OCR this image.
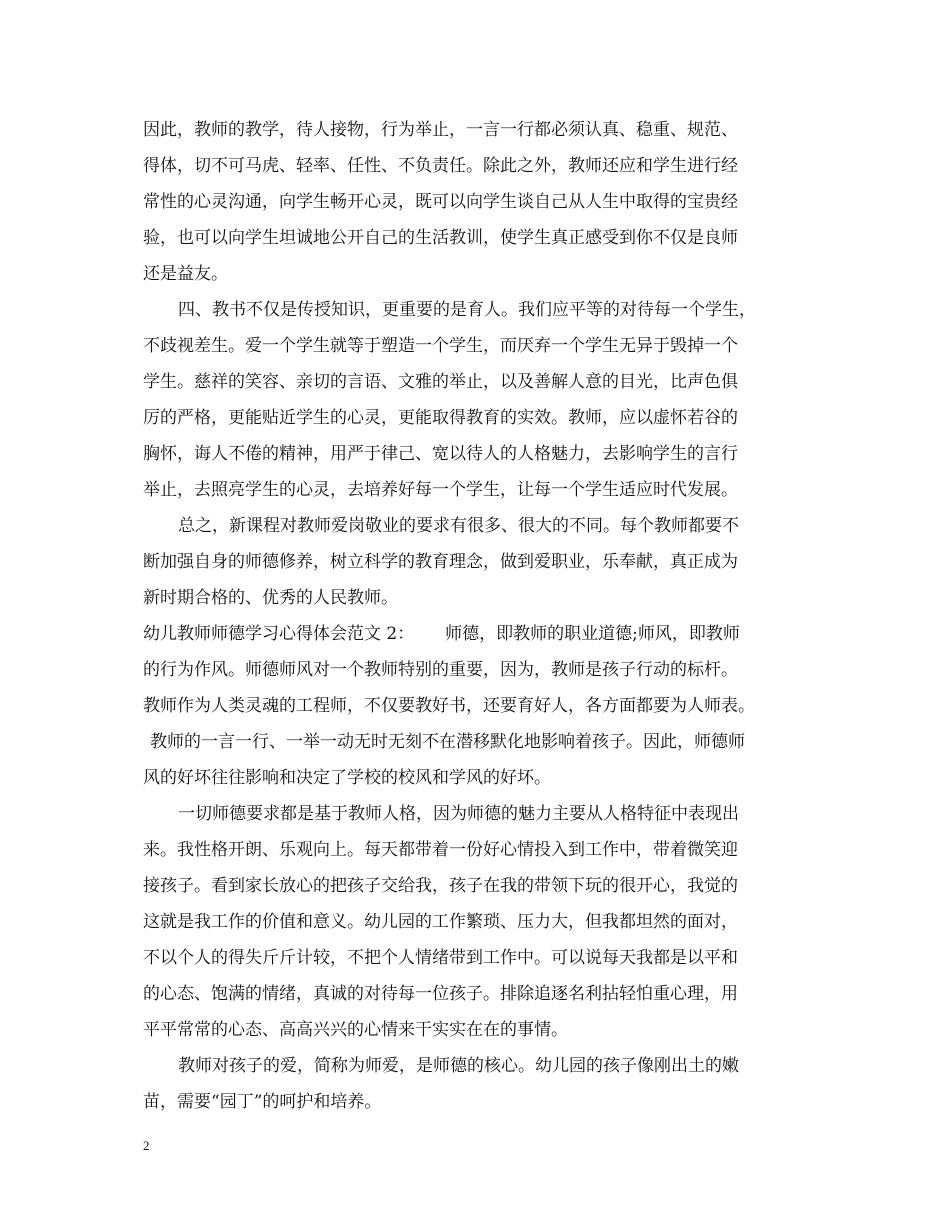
因此，教师的教学，待人接物，行为举止，一言一行都必须认真、稳重、规范、
得体，切不可马虎、轻率、任性、不负责任。除此之外，教师还应和学生进行经
常性的心灵沟通，向学生畅开心灵，既可以向学生谈自己从人生中取得的宝贵经
验，也可以向学生坦诚地公开自己的生活教训，使学生真正感受到你不仅是良师
还是益友。
四、教书不仅是传授知识，更重要的是育人。我们应平等的对待每一个学生，
不歧视差生。爱一个学生就等于塑造一个学生，而厌弃一个学生无异于毁掉一个
学生。慈祥的笑容、亲切的言语、文雅的举止，以及善解人意的目光，比声色俱
厉的严格，更能贴近学生的心灵，更能取得教育的实效。教师，应以虚怀若谷的
胸怀，诲人不倦的精神，用严于律己、宽以待人的人格魅力，去影响学生的言行
举止，去照亮学生的心灵，去培养好每一个学生，让每一个学生适应时代发展。
总之，新课程对教师爱岗敬业的要求有很多、很大的不同。每个教师都要不
断加强自身的师德修养，树立科学的教育理念，做到爱职业，乐奉献，真正成为
新时期合格的、优秀的人民教师。
幼儿教师师德学习心得体会范文 2：　　 师德，即教师的职业道德;师风，即教师
的行为作风。师德师风对一个教师特别的重要，因为，教师是孩子行动的标杆。
教师作为人类灵魂的工程师，不仅要教好书，还要育好人，各方面都要为人师表。
教师的一言一行、一举一动无时无刻不在潜移默化地影响着孩子。因此，师德师
风的好坏往往影响和决定了学校的校风和学风的好坏。
一切师德要求都是基于教师人格，因为师德的魅力主要从人格特征中表现出
来。我性格开朗、乐观向上。每天都带着一份好心情投入到工作中，带着微笑迎
接孩子。看到家长放心的把孩子交给我，孩子在我的带领下玩的很开心，我觉的
这就是我工作的价值和意义。幼儿园的工作繁琐、压力大，但我都坦然的面对，
不以个人的得失斤斤计较，不把个人情绪带到工作中。可以说每天我都是以平和
的心态、饱满的情绪，真诚的对待每一位孩子。排除追逐名利拈轻怕重心理，用
平平常常的心态、高高兴兴的心情来干实实在在的事情。
教师对孩子的爱，简称为师爱，是师德的核心。幼儿园的孩子像刚出土的嫩
苗，需要“园丁”的呵护和培养。
2
